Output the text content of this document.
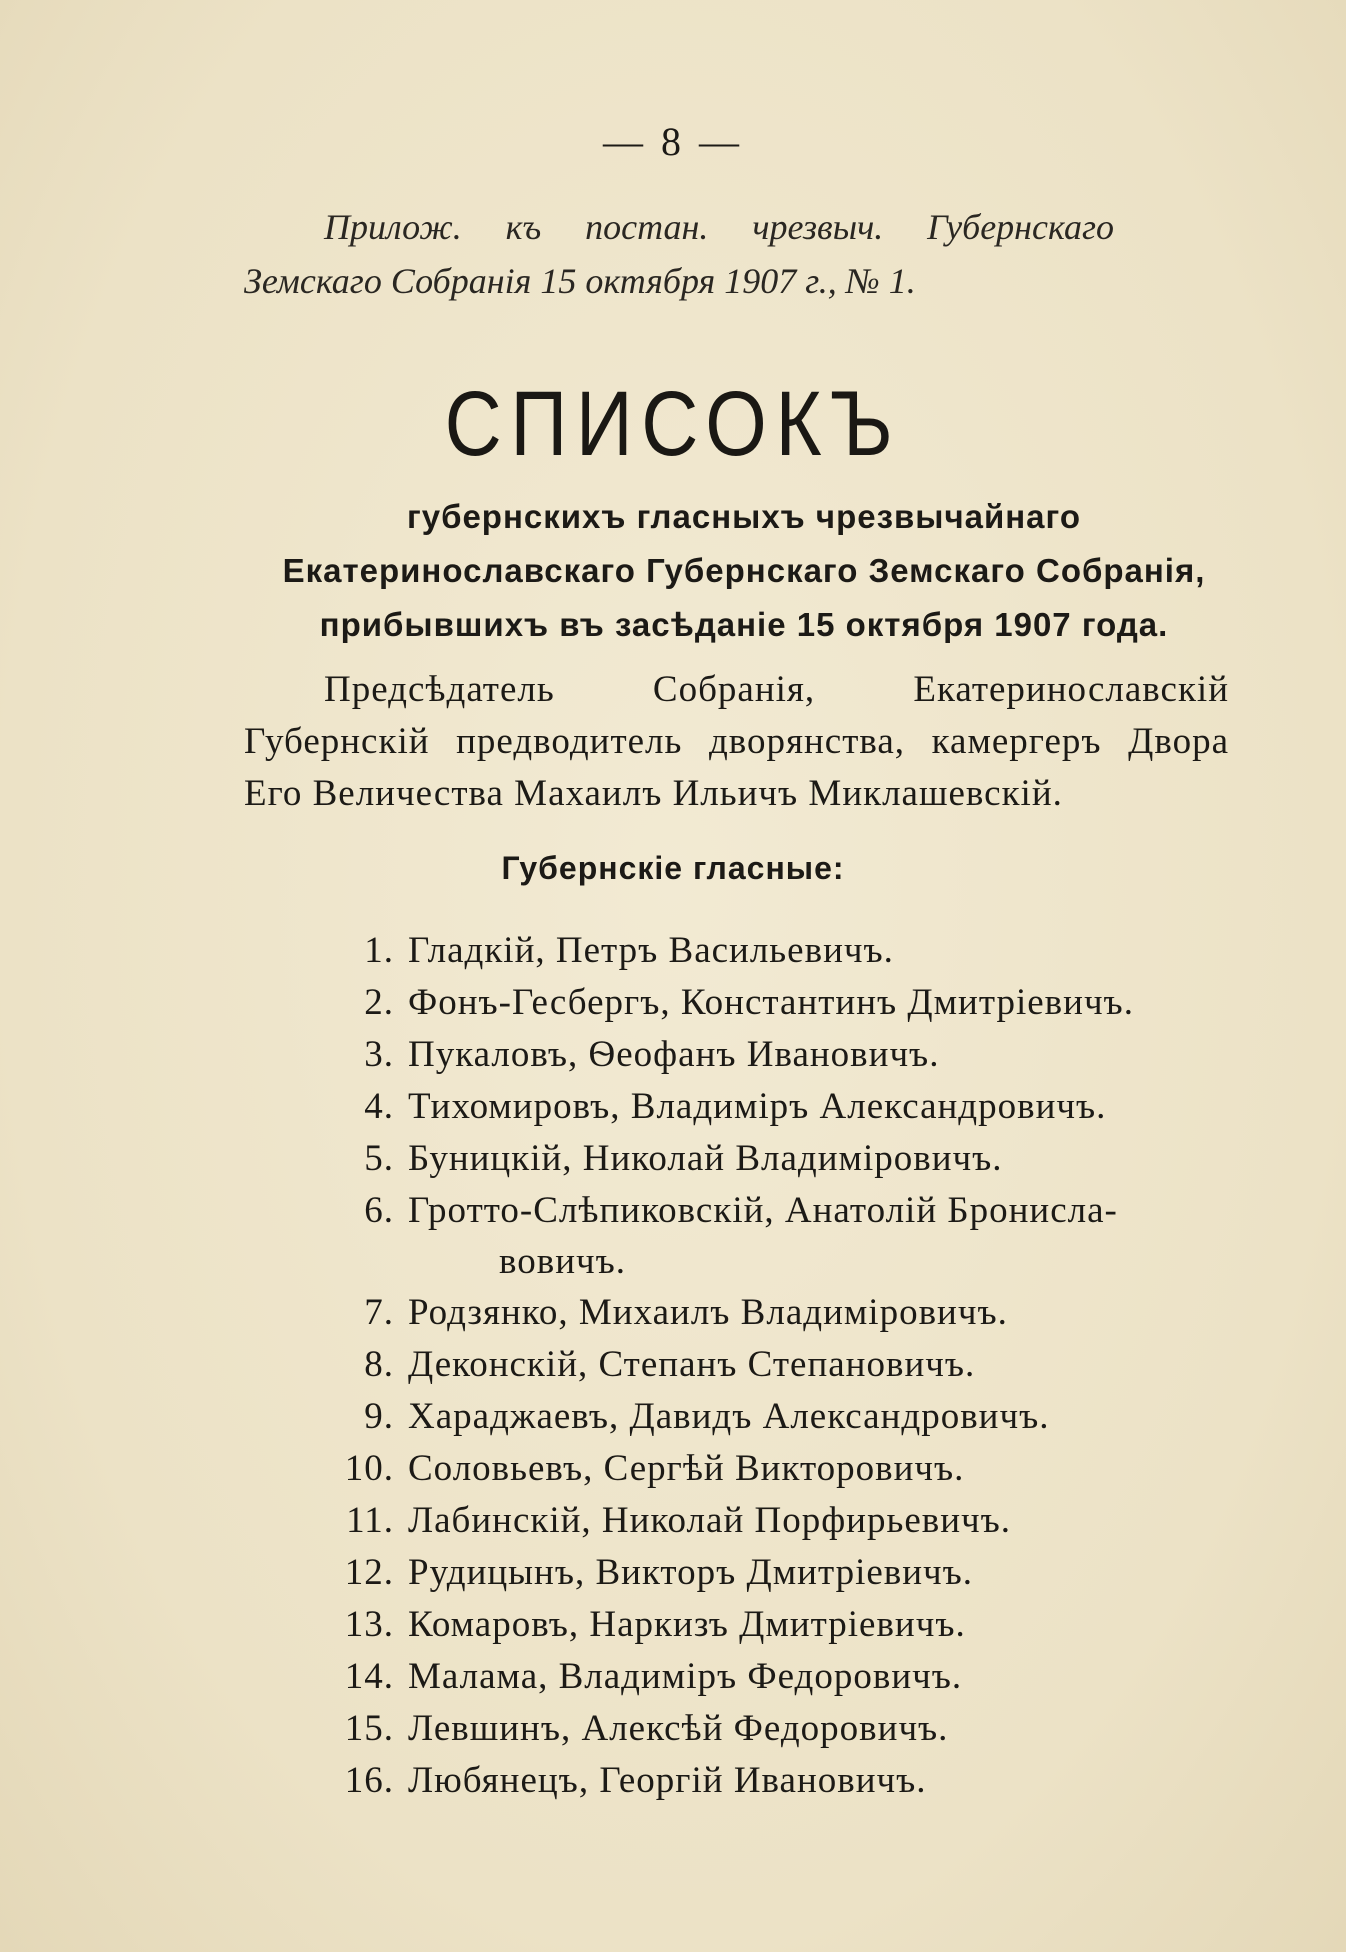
— 8 —
Прилож. къ постан. чрезвыч. Губернскаго Земскаго Собранія 15 октября 1907 г., № 1.
СПИСОКЪ
губернскихъ гласныхъ чрезвычайнаго Екатеринославскаго Губернскаго Земскаго Собранія, прибывшихъ въ засѣданіе 15 октября 1907 года.
Предсѣдатель Собранія, Екатеринославскій Губернскій предводитель дворянства, камергеръ Двора Его Величества Махаилъ Ильичъ Миклашевскій.
Губернскіе гласные:
1. Гладкій, Петръ Васильевичъ.
2. Фонъ-Гесбергъ, Константинъ Дмитріевичъ.
3. Пукаловъ, Ѳеофанъ Ивановичъ.
4. Тихомировъ, Владиміръ Александровичъ.
5. Буницкій, Николай Владиміровичъ.
6. Гротто-Слѣпиковскій, Анатолій Бронисла-
вовичъ.
7. Родзянко, Михаилъ Владиміровичъ.
8. Деконскій, Степанъ Степановичъ.
9. Хараджаевъ, Давидъ Александровичъ.
10. Соловьевъ, Сергѣй Викторовичъ.
11. Лабинскій, Николай Порфирьевичъ.
12. Рудицынъ, Викторъ Дмитріевичъ.
13. Комаровъ, Наркизъ Дмитріевичъ.
14. Малама, Владиміръ Федоровичъ.
15. Левшинъ, Алексѣй Федоровичъ.
16. Любянецъ, Георгій Ивановичъ.
